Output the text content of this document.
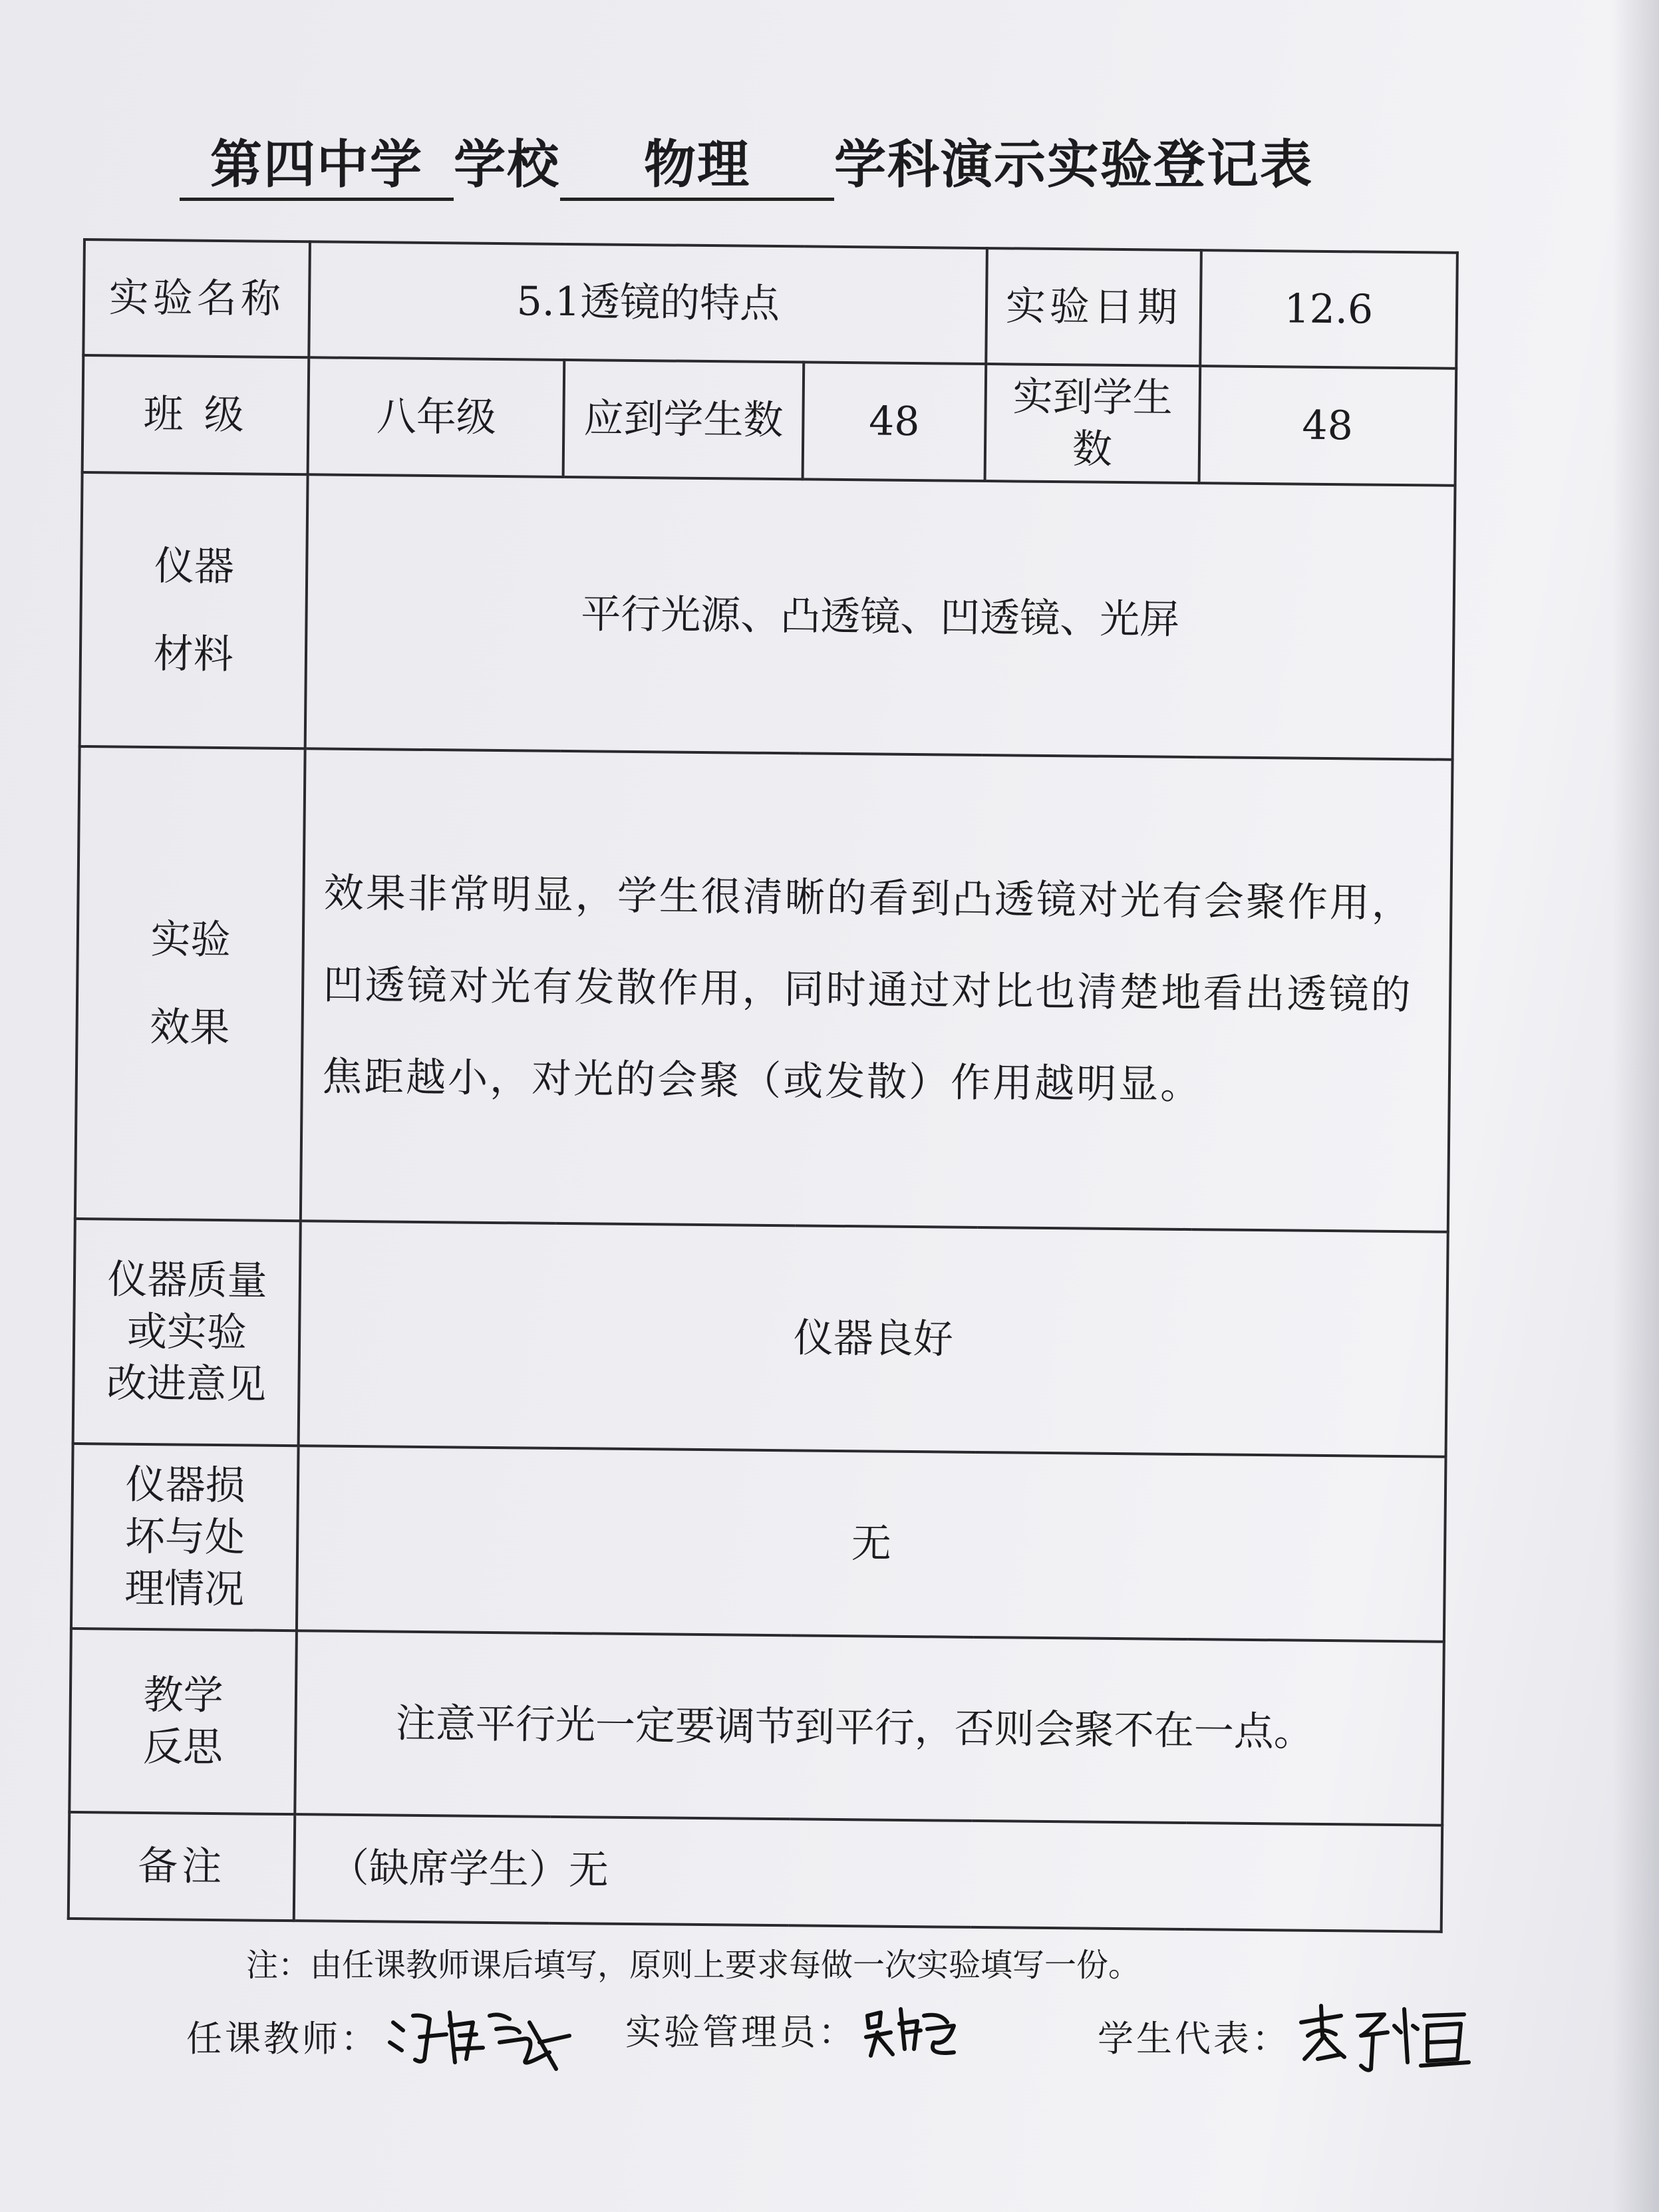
第四中学 学校 物理 学科演示实验登记表
实验名称	5.1透镜的特点			实验日期	12.6
班 级	八年级	应到学生数	48	实到学生数	48

仪器
材料	平行光源、凸透镜、凹透镜、光屏				

实验
效果	效果非常明显，学生很清晰的看到凸透镜对光有会聚作用，凹透镜对光有发散作用，同时通过对比也清楚地看出透镜的焦距越小，对光的会聚（或发散）作用越明显。				

仪器质量
或实验
改进意见	仪器良好				

仪器损
坏与处
理情况	无				

教学
反思	注意平行光一定要调节到平行，否则会聚不在一点。				
备注	（缺席学生）无				
注：由任课教师课后填写，原则上要求每做一次实验填写一份。
任课教师：	实验管理员：	学生代表：
